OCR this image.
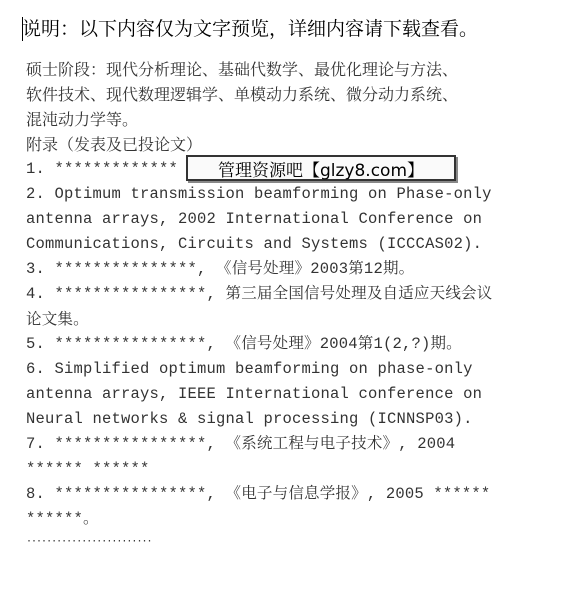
说明：以下内容仅为文字预览，详细内容请下载查看。
硕士阶段：现代分析理论、基础代数学、最优化理论与方法、
软件技术、现代数理逻辑学、单模动力系统、微分动力系统、
混沌动力学等。
附录（发表及已投论文）
1. *************
2. Optimum transmission beamforming on Phase-only
antenna arrays, 2002 International Conference on
Communications, Circuits and Systems (ICCCAS02).
3. ***************, 《信号处理》2003第12期。
4. ****************, 第三届全国信号处理及自适应天线会议
论文集。
5. ****************, 《信号处理》2004第1(2,?)期。
6. Simplified optimum beamforming on phase-only
antenna arrays, IEEE International conference on
Neural networks & signal processing (ICNNSP03).
7. ****************, 《系统工程与电子技术》, 2004
****** ******
8. ****************, 《电子与信息学报》, 2005 ******
******。
管理资源吧【glzy8.com】
·························
